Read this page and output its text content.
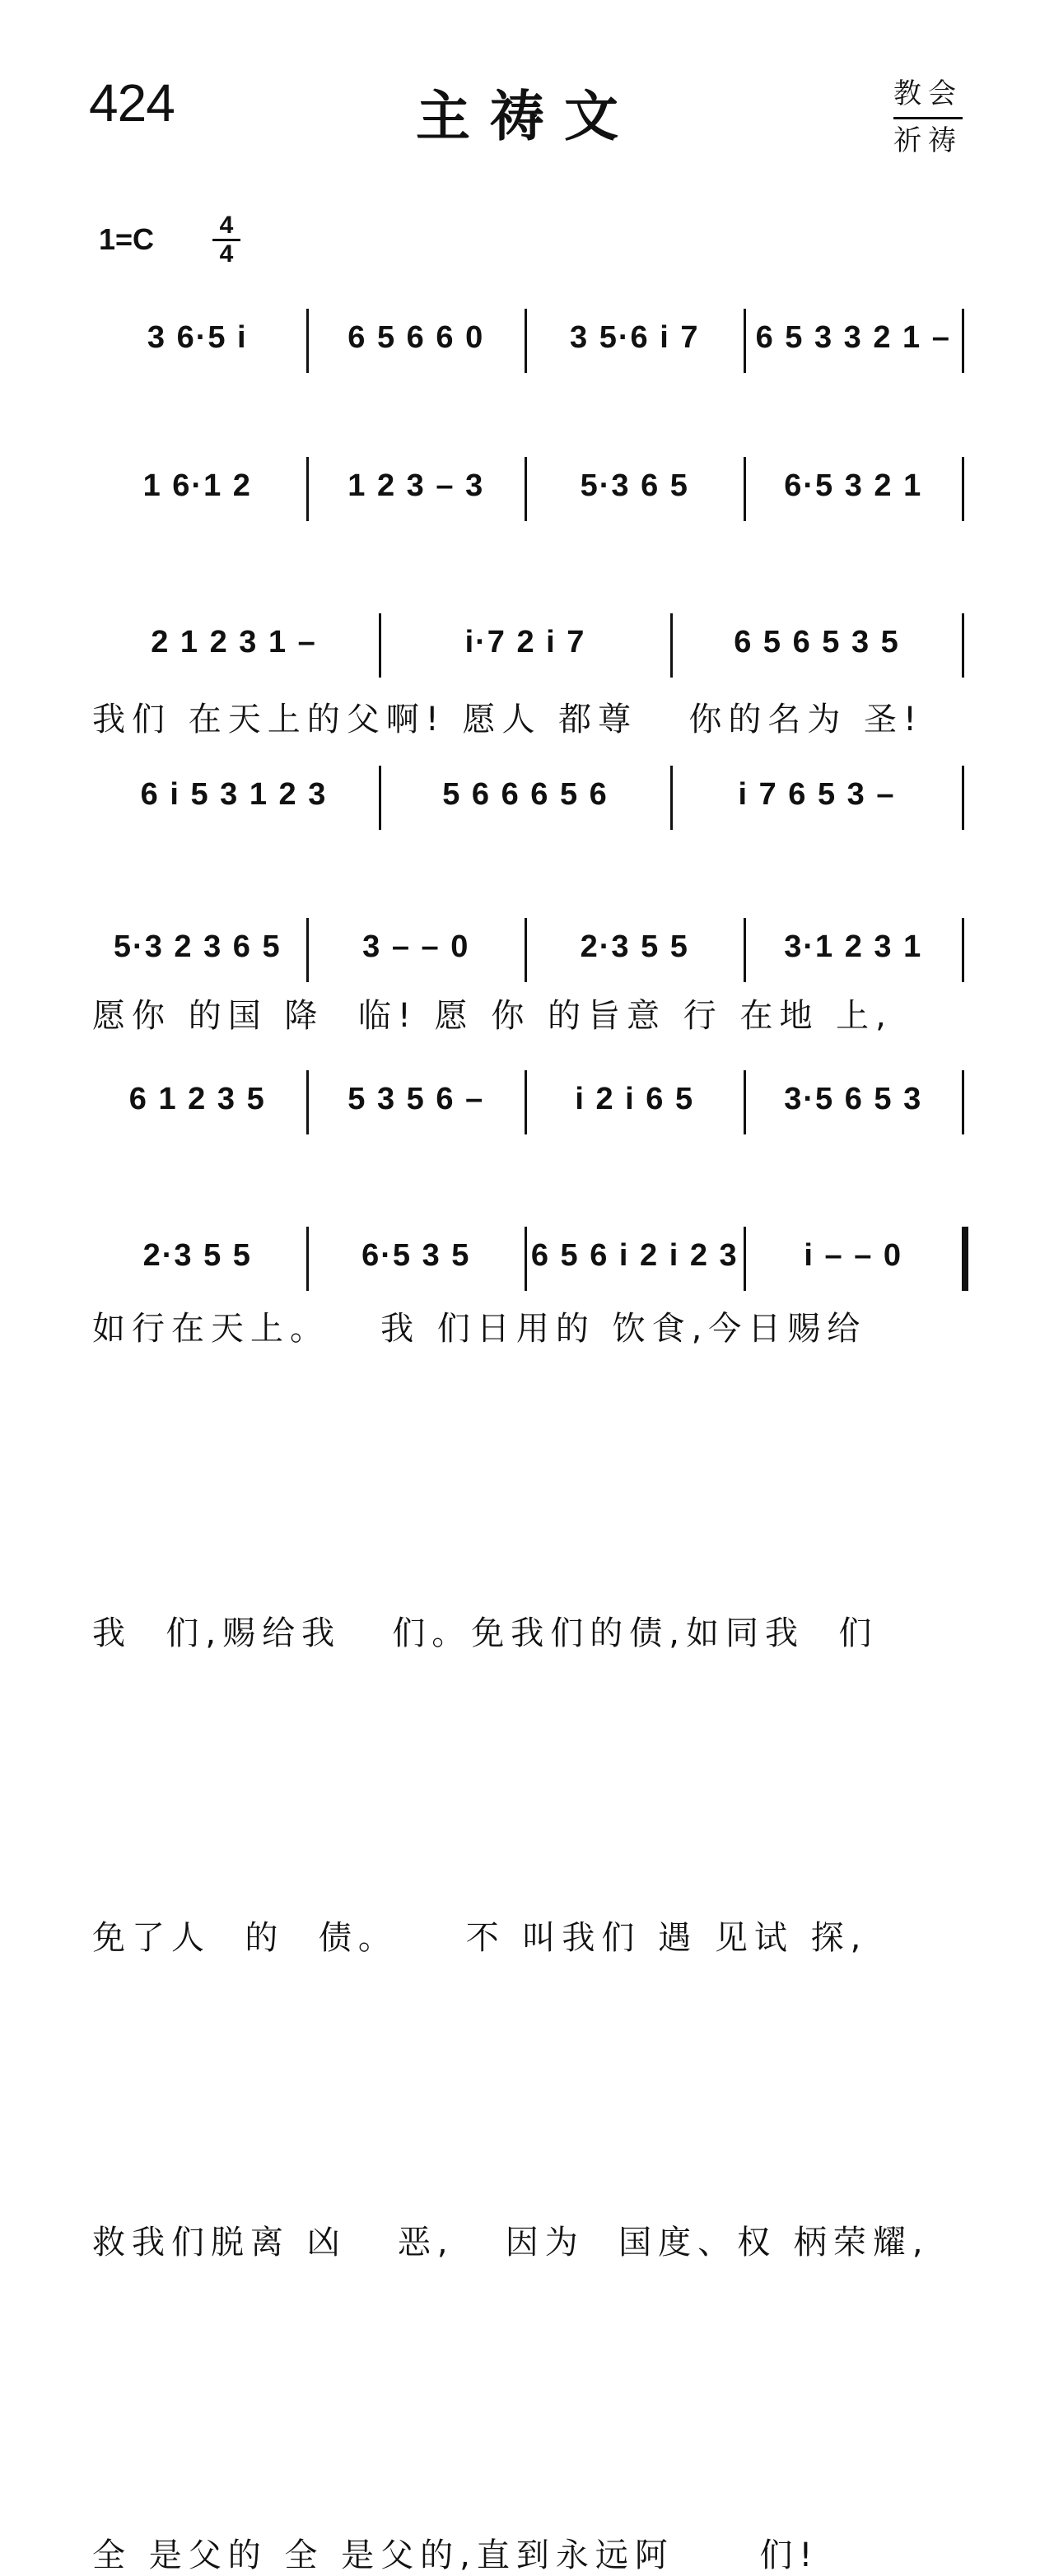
424	主祷文	教会
祈祷
$1=C \frac{4}{4}$
3 6·5 i	6 5 6 6 0	3 5·6 i 7	6 5 3 3 2 1 –
我们 在天上的父啊! 愿人 都尊   你的名为 圣!
1 6·1 2	1 2 3 – 3	5·3 6 5	6·5 3 2 1
愿你 的国 降  临! 愿 你 的旨意 行 在地 上,
2 1 2 3 1 –	i·7 2 i 7	6 5 6 5 3 5
如行在天上。   我 们日用的 饮食,今日赐给
6 i 5 3 1 2 3	5 6 6 6 5 6	i 7 6 5 3 –
我  们,赐给我   们。免我们的债,如同我  们
5·3 2 3 6 5	3 – – 0	2·3 5 5	3·1 2 3 1
免了人  的  债。    不 叫我们 遇 见试 探,
6 1 2 3 5	5 3 5 6 –	i 2 i 6 5	3·5 6 5 3
救我们脱离 凶   恶,   因为  国度、权 柄荣耀,
2·3 5 5	6·5 3 5	6 5 6 i 2 i 2 3	i – – 0
全 是父的 全 是父的,直到永远阿     们!
